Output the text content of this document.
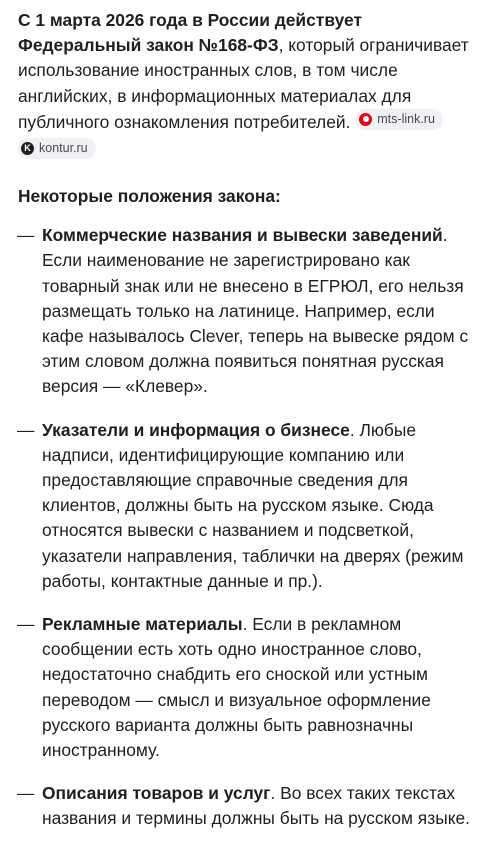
С 1 марта 2026 года в России действует Федеральный закон №168-ФЗ, который ограничивает использование иностранных слов, в том числе английских, в информационных материалах для публичного ознакомления потребителей. mts-link.ru

K kontur.ru

Некоторые положения закона:

— Коммерческие названия и вывески заведений. Если наименование не зарегистрировано как товарный знак или не внесено в ЕГРЮЛ, его нельзя размещать только на латинице. Например, если кафе называлось Clever, теперь на вывеске рядом с этим словом должна появиться понятная русская версия — «Клевер».
— Указатели и информация о бизнесе. Любые надписи, идентифицирующие компанию или предоставляющие справочные сведения для клиентов, должны быть на русском языке. Сюда относятся вывески с названием и подсветкой, указатели направления, таблички на дверях (режим работы, контактные данные и пр.).
— Рекламные материалы. Если в рекламном сообщении есть хоть одно иностранное слово, недостаточно снабдить его сноской или устным переводом — смысл и визуальное оформление русского варианта должны быть равнозначны иностранному.
— Описания товаров и услуг. Во всех таких текстах названия и термины должны быть на русском языке.
